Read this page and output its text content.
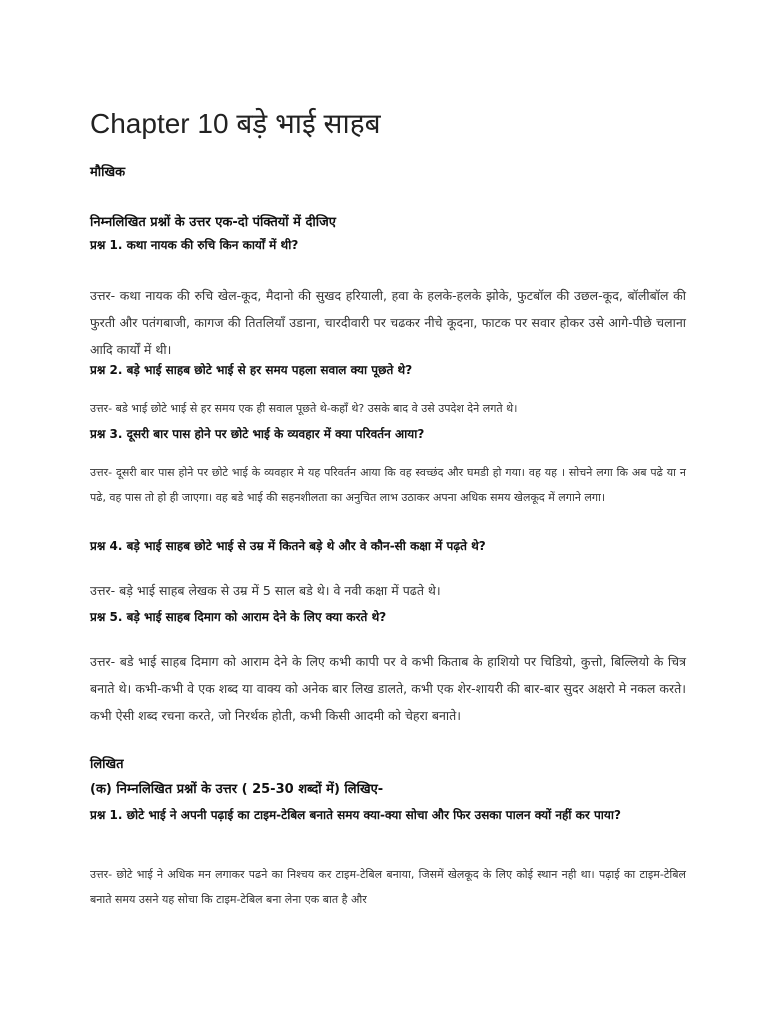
Chapter 10 बड़े भाई साहब
मौखिक
निम्नलिखित प्रश्नों के उत्तर एक-दो पंक्तियों में दीजिए
प्रश्न 1. कथा नायक की रुचि किन कार्यों में थी?

उत्तर- कथा नायक की रुचि खेल-कूद, मैदानो की सुखद हरियाली, हवा के हलके-हलके झोके, फुटबॉल की उछल-कूद, बॉलीबॉल की फुरती और पतंगबाजी, कागज की तितलियाँ उडाना, चारदीवारी पर चढकर नीचे कूदना, फाटक पर सवार होकर उसे आगे-पीछे चलाना आदि कार्यों में थी।

प्रश्न 2. बड़े भाई साहब छोटे भाई से हर समय पहला सवाल क्या पूछते थे?

उत्तर- बडे भाई छोटे भाई से हर समय एक ही सवाल पूछते थे-कहाँ थे? उसके बाद वे उसे उपदेश देने लगते थे।

प्रश्न 3. दूसरी बार पास होने पर छोटे भाई के व्यवहार में क्या परिवर्तन आया?

उत्तर- दूसरी बार पास होने पर छोटे भाई के व्यवहार मे यह परिवर्तन आया कि वह स्वच्छंद और घमडी हो गया। वह यह । सोचने लगा कि अब पढे या न पढे, वह पास तो हो ही जाएगा। वह बडे भाई की सहनशीलता का अनुचित लाभ उठाकर अपना अधिक समय खेलकूद में लगाने लगा।

प्रश्न 4. बड़े भाई साहब छोटे भाई से उम्र में कितने बड़े थे और वे कौन-सी कक्षा में पढ़ते थे?

उत्तर- बड़े भाई साहब लेखक से उम्र में 5 साल बडे थे। वे नवी कक्षा में पढते थे।

प्रश्न 5. बड़े भाई साहब दिमाग को आराम देने के लिए क्या करते थे?

उत्तर- बडे भाई साहब दिमाग को आराम देने के लिए कभी कापी पर वे कभी किताब के हाशियो पर चिडियो, कुत्तो, बिल्लियो के चित्र बनाते थे। कभी-कभी वे एक शब्द या वाक्य को अनेक बार लिख डालते, कभी एक शेर-शायरी की बार-बार सुदर अक्षरो मे नकल करते। कभी ऐसी शब्द रचना करते, जो निरर्थक होती, कभी किसी आदमी को चेहरा बनाते।

लिखित
(क) निम्नलिखित प्रश्नों के उत्तर ( 25-30 शब्दों में) लिखिए-
प्रश्न 1. छोटे भाई ने अपनी पढ़ाई का टाइम-टेबिल बनाते समय क्या-क्या सोचा और फिर उसका पालन क्यों नहीं कर पाया?

उत्तर- छोटे भाई ने अधिक मन लगाकर पढने का निश्चय कर टाइम-टेबिल बनाया, जिसमें खेलकूद के लिए कोई स्थान नही था। पढ़ाई का टाइम-टेबिल बनाते समय उसने यह सोचा कि टाइम-टेबिल बना लेना एक बात है और
